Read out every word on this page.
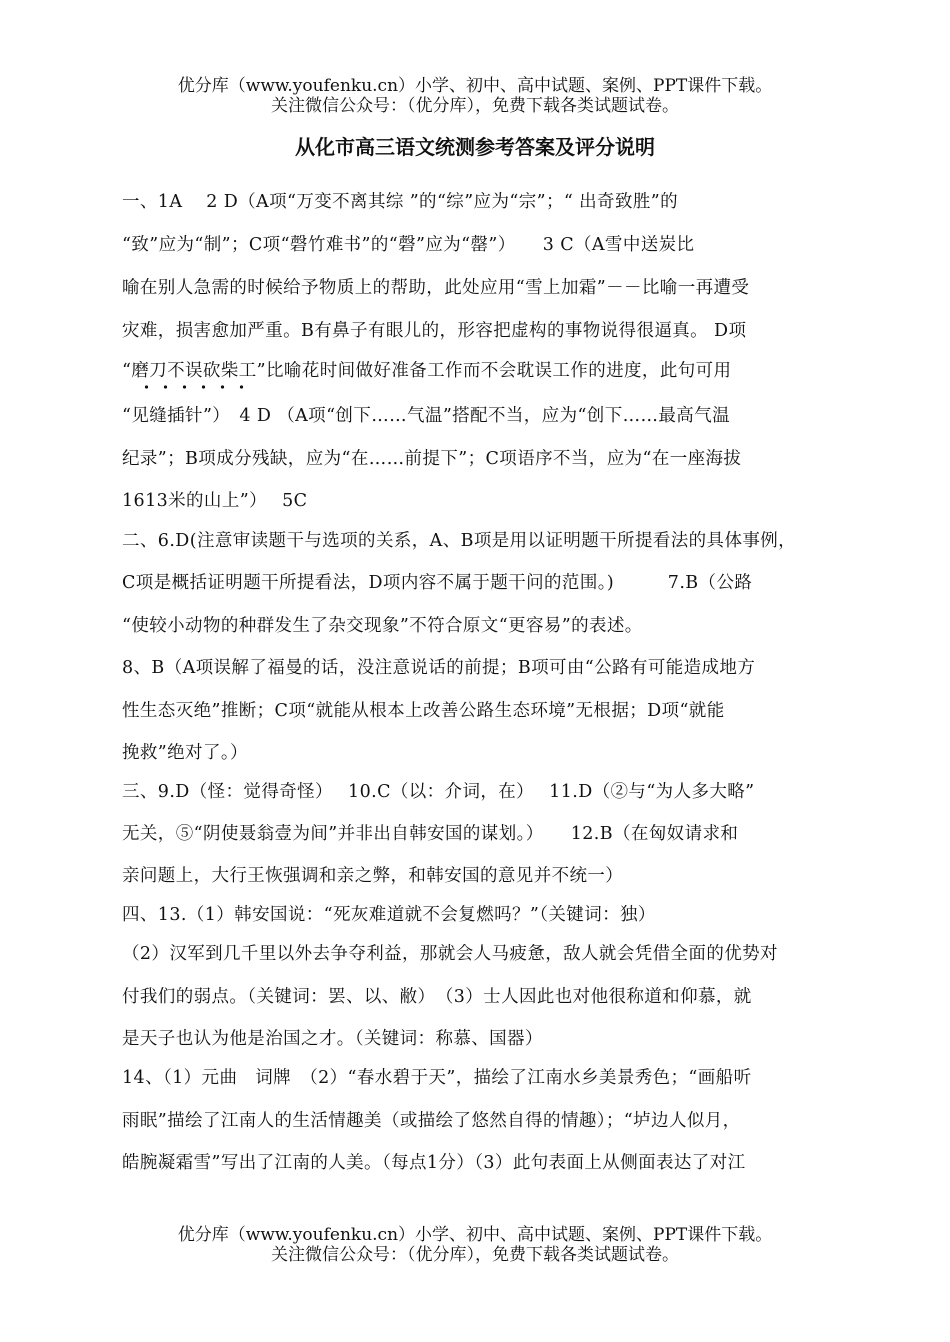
优分库（www.youfenku.cn）小学、初中、高中试题、案例、PPT课件下载。
关注微信公众号：（优分库），免费下载各类试题试卷。
从化市高三语文统测参考答案及评分说明
一、1A　 2 D（A项“万变不离其综 ”的“综”应为“宗”；“ 出奇致胜”的
“致”应为“制”；C项“磬竹难书”的“磬”应为“罄”）　　3 C（A雪中送炭比
喻在别人急需的时候给予物质上的帮助，此处应用“雪上加霜”－－比喻一再遭受
灾难，损害愈加严重。B有鼻子有眼儿的，形容把虚构的事物说得很逼真。 D项
“磨刀不误砍柴工”比喻花时间做好准备工作而不会耽误工作的进度，此句可用
“见缝插针”）　4 D （A项“创下……气温”搭配不当，应为“创下……最高气温
纪录”；B项成分残缺，应为“在……前提下”；C项语序不当，应为“在一座海拔
1613米的山上”）　 5C
二、6.D(注意审读题干与选项的关系，A、B项是用以证明题干所提看法的具体事例，
C项是概括证明题干所提看法，D项内容不属于题干问的范围。)　　　7.B（公路
“使较小动物的种群发生了杂交现象”不符合原文“更容易”的表述。
8、B（A项误解了福曼的话，没注意说话的前提；B项可由“公路有可能造成地方
性生态灭绝”推断；C项“就能从根本上改善公路生态环境”无根据；D项“就能
挽救”绝对了。）
三、9.D（怪：觉得奇怪）　 10.C（以：介词，在）　 11.D（②与“为人多大略”
无关，⑤“阴使聂翁壹为间”并非出自韩安国的谋划。）　　12.B（在匈奴请求和
亲问题上，大行王恢强调和亲之弊，和韩安国的意见并不统一）
四、13.（1）韩安国说：“死灰难道就不会复燃吗？”（关键词：独）
（2）汉军到几千里以外去争夺利益，那就会人马疲惫，敌人就会凭借全面的优势对
付我们的弱点。（关键词：罢、以、敝）　（3）士人因此也对他很称道和仰慕，就
是天子也认为他是治国之才。（关键词：称慕、国器）
14、（1）元曲　词牌　（2）“春水碧于天”，描绘了江南水乡美景秀色；“画船听
雨眠”描绘了江南人的生活情趣美（或描绘了悠然自得的情趣）；“垆边人似月，
皓腕凝霜雪”写出了江南的人美。（每点1分）（3）此句表面上从侧面表达了对江
优分库（www.youfenku.cn）小学、初中、高中试题、案例、PPT课件下载。
关注微信公众号：（优分库），免费下载各类试题试卷。
